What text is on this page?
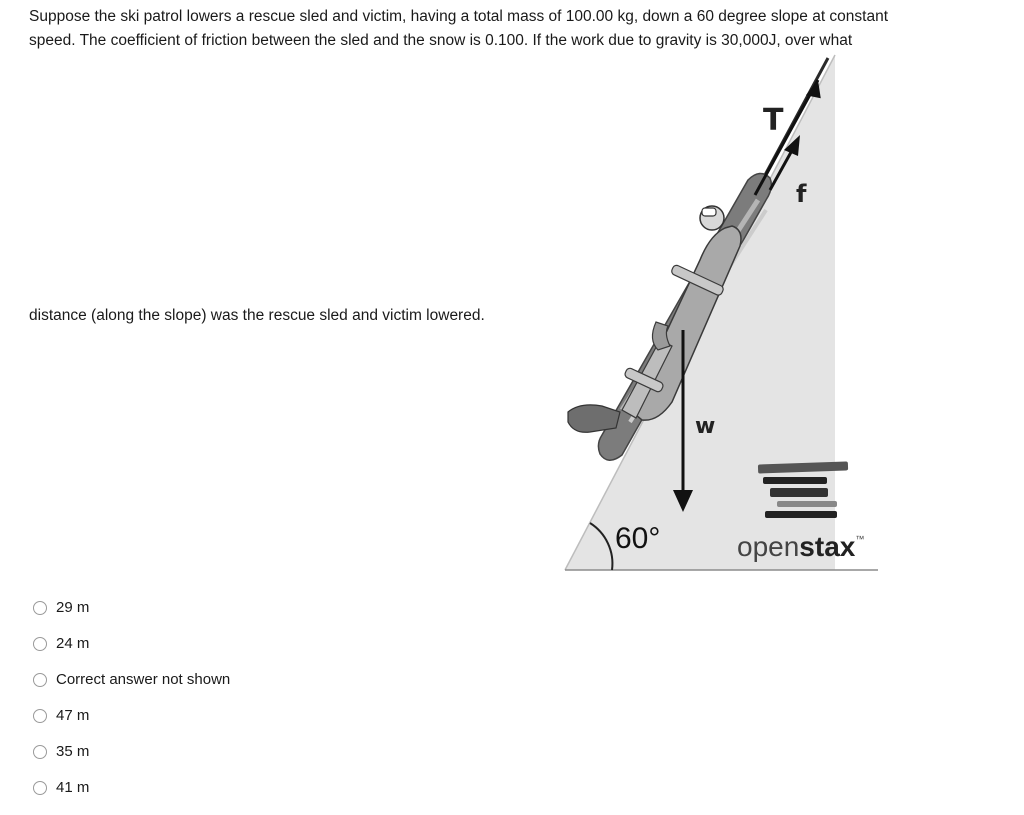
Suppose the ski patrol lowers a rescue sled and victim, having a total mass of 100.00 kg, down a 60 degree slope at constant
speed. The coefficient of friction between the sled and the snow is 0.100. If the work due to gravity is 30,000J, over what
distance (along the slope) was the rescue sled and victim lowered.
T
f
w
60°	openstax™
29 m
24 m
Correct answer not shown
47 m
35 m
41 m
